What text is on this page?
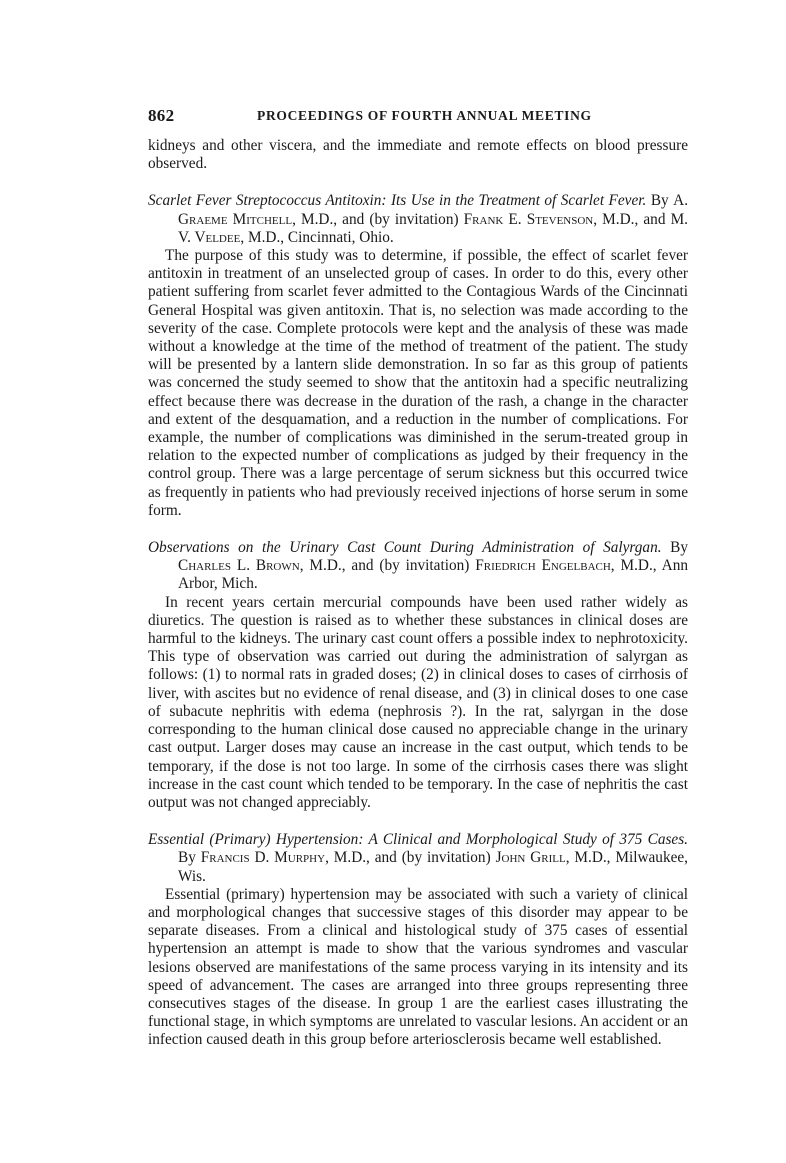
862	PROCEEDINGS OF FOURTH ANNUAL MEETING

kidneys and other viscera, and the immediate and remote effects on blood pressure observed.

Scarlet Fever Streptococcus Antitoxin: Its Use in the Treatment of Scarlet Fever. By A. Graeme Mitchell, M.D., and (by invitation) Frank E. Stevenson, M.D., and M. V. Veldee, M.D., Cincinnati, Ohio.

The purpose of this study was to determine, if possible, the effect of scarlet fever antitoxin in treatment of an unselected group of cases. In order to do this, every other patient suffering from scarlet fever admitted to the Contagious Wards of the Cincinnati General Hospital was given antitoxin. That is, no selection was made according to the severity of the case. Complete protocols were kept and the analysis of these was made without a knowledge at the time of the method of treatment of the patient. The study will be presented by a lantern slide demonstration. In so far as this group of patients was concerned the study seemed to show that the antitoxin had a specific neutralizing effect because there was decrease in the duration of the rash, a change in the character and extent of the desquamation, and a reduction in the number of complications. For example, the number of complications was diminished in the serum-treated group in relation to the expected number of complications as judged by their frequency in the control group. There was a large percentage of serum sickness but this occurred twice as frequently in patients who had previously received injections of horse serum in some form.

Observations on the Urinary Cast Count During Administration of Salyrgan. By Charles L. Brown, M.D., and (by invitation) Friedrich Engelbach, M.D., Ann Arbor, Mich.

In recent years certain mercurial compounds have been used rather widely as diuretics. The question is raised as to whether these substances in clinical doses are harmful to the kidneys. The urinary cast count offers a possible index to nephrotoxicity. This type of observation was carried out during the administration of salyrgan as follows: (1) to normal rats in graded doses; (2) in clinical doses to cases of cirrhosis of liver, with ascites but no evidence of renal disease, and (3) in clinical doses to one case of subacute nephritis with edema (nephrosis ?). In the rat, salyrgan in the dose corresponding to the human clinical dose caused no appreciable change in the urinary cast output. Larger doses may cause an increase in the cast output, which tends to be temporary, if the dose is not too large. In some of the cirrhosis cases there was slight increase in the cast count which tended to be temporary. In the case of nephritis the cast output was not changed appreciably.

Essential (Primary) Hypertension: A Clinical and Morphological Study of 375 Cases. By Francis D. Murphy, M.D., and (by invitation) John Grill, M.D., Milwaukee, Wis.

Essential (primary) hypertension may be associated with such a variety of clinical and morphological changes that successive stages of this disorder may appear to be separate diseases. From a clinical and histological study of 375 cases of essential hypertension an attempt is made to show that the various syndromes and vascular lesions observed are manifestations of the same process varying in its intensity and its speed of advancement. The cases are arranged into three groups representing three consecutives stages of the disease. In group 1 are the earliest cases illustrating the functional stage, in which symptoms are unrelated to vascular lesions. An accident or an infection caused death in this group before arteriosclerosis became well established.
